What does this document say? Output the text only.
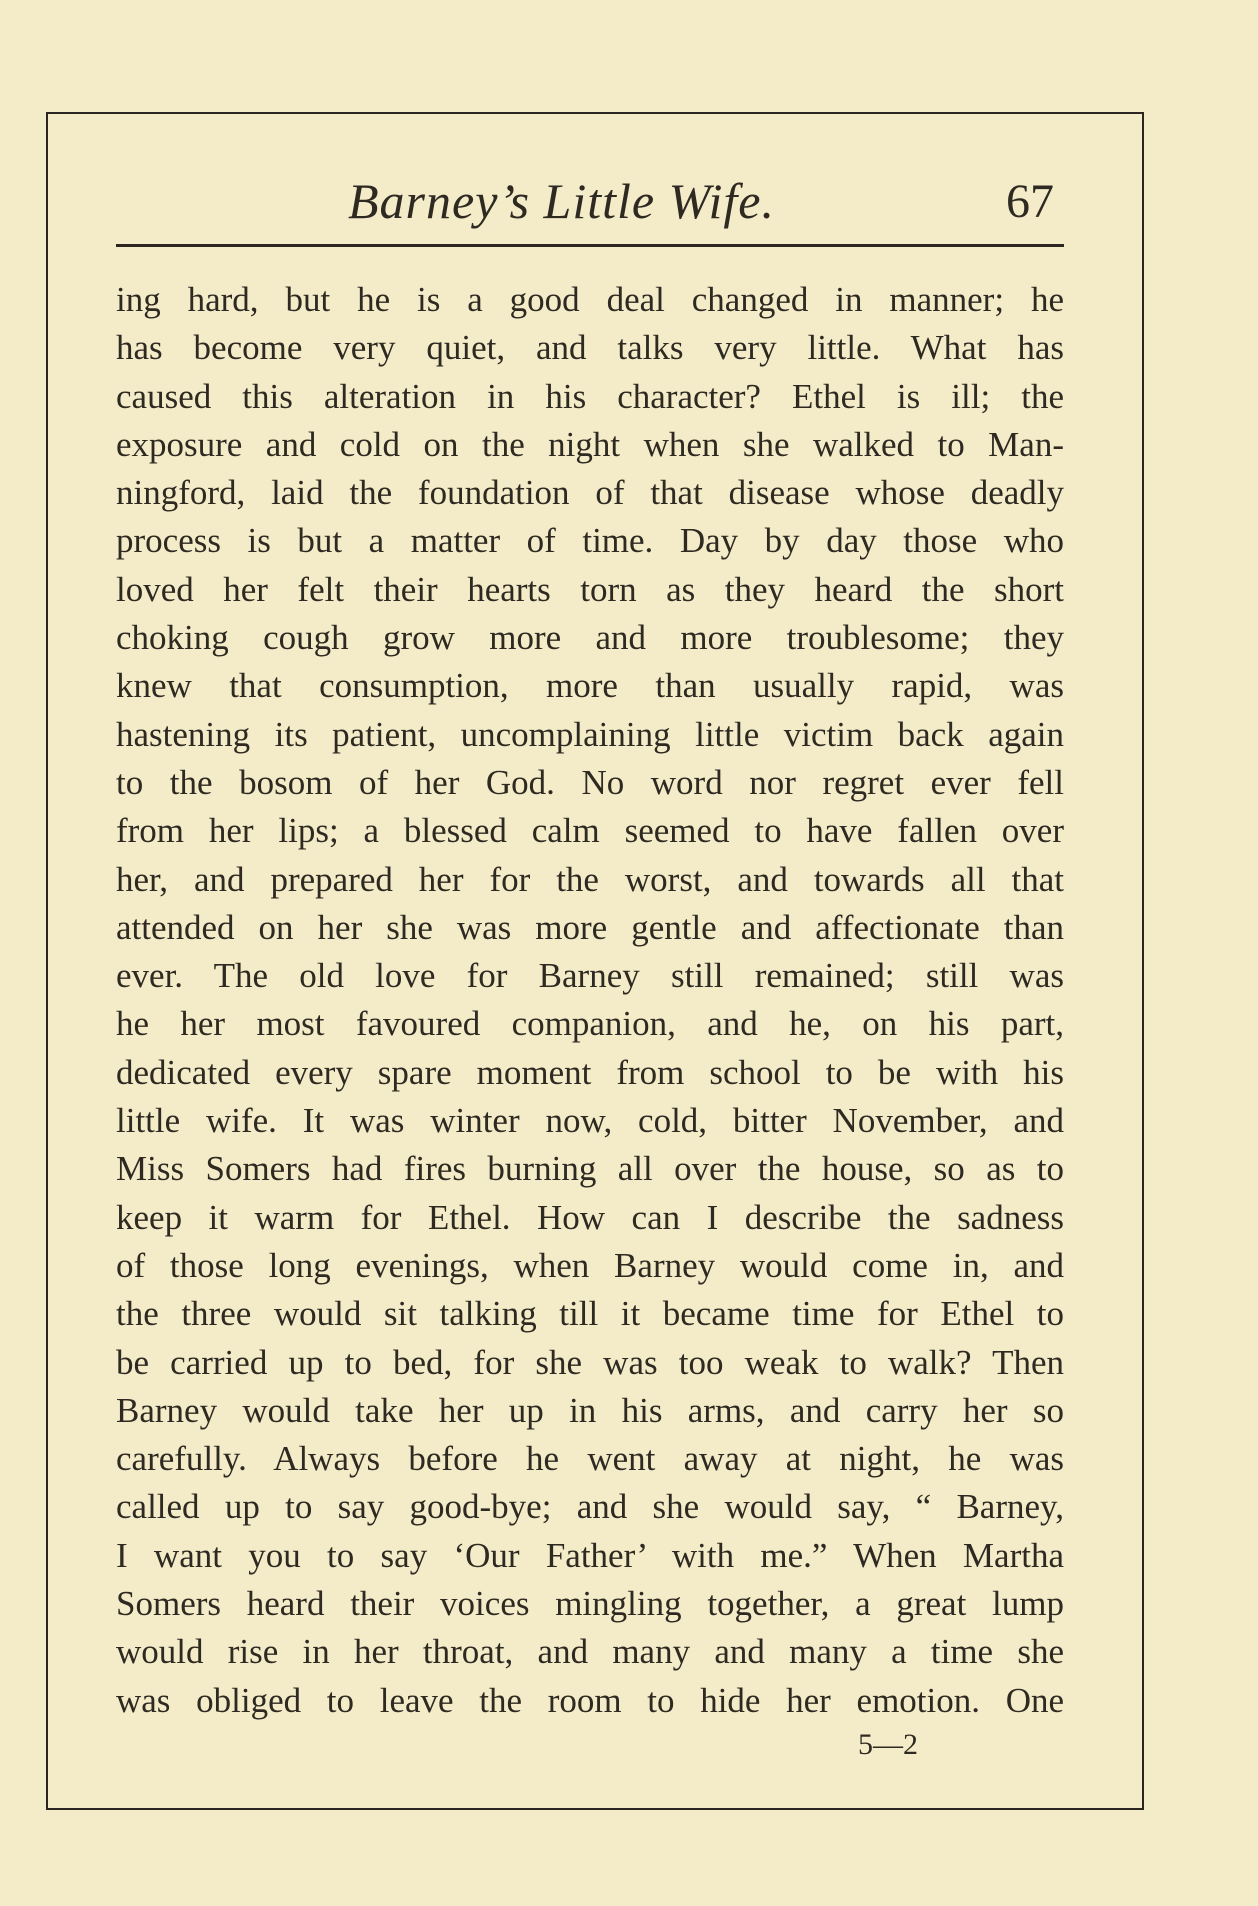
Barney’s Little Wife.	67
ing hard, but he is a good deal changed in manner; he
has become very quiet, and talks very little. What has
caused this alteration in his character? Ethel is ill; the
exposure and cold on the night when she walked to Man-
ningford, laid the foundation of that disease whose deadly
process is but a matter of time. Day by day those who
loved her felt their hearts torn as they heard the short
choking cough grow more and more troublesome; they
knew that consumption, more than usually rapid, was
hastening its patient, uncomplaining little victim back again
to the bosom of her God. No word nor regret ever fell
from her lips; a blessed calm seemed to have fallen over
her, and prepared her for the worst, and towards all that
attended on her she was more gentle and affectionate than
ever. The old love for Barney still remained; still was
he her most favoured companion, and he, on his part,
dedicated every spare moment from school to be with his
little wife. It was winter now, cold, bitter November, and
Miss Somers had fires burning all over the house, so as to
keep it warm for Ethel. How can I describe the sadness
of those long evenings, when Barney would come in, and
the three would sit talking till it became time for Ethel to
be carried up to bed, for she was too weak to walk? Then
Barney would take her up in his arms, and carry her so
carefully. Always before he went away at night, he was
called up to say good-bye; and she would say, “ Barney,
I want you to say ‘Our Father’ with me.” When Martha
Somers heard their voices mingling together, a great lump
would rise in her throat, and many and many a time she
was obliged to leave the room to hide her emotion. One
5—2
